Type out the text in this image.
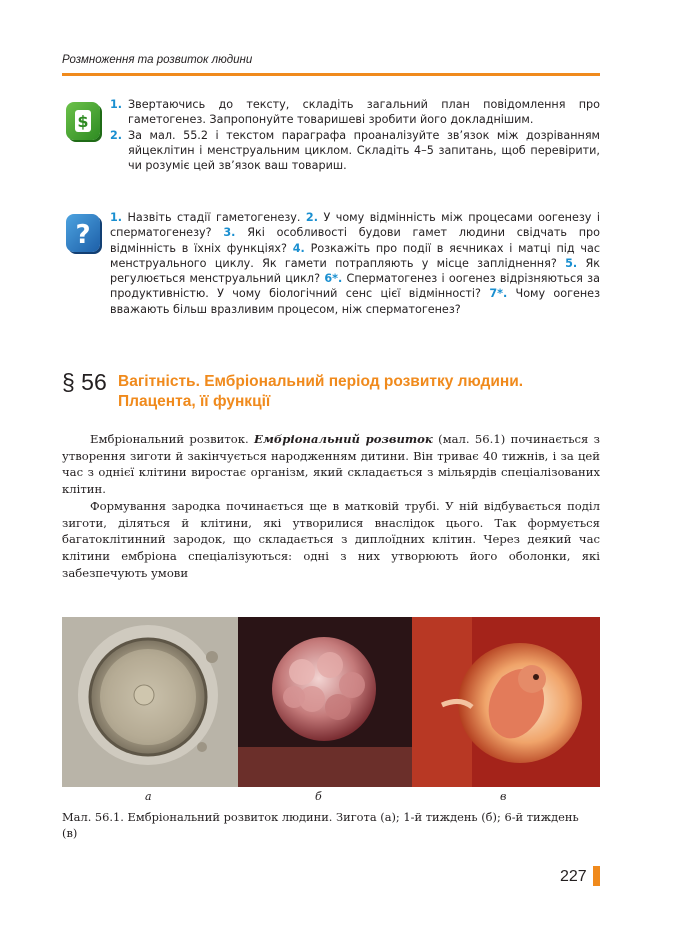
Розмноження та розвиток людини
$
1. Звертаючись до тексту, складіть загальний план повідомлення про гаметогенез. Запропонуйте товаришеві зробити його докладнішим.
2. За мал. 55.2 і текстом параграфа проаналізуйте зв’язок між дозріванням яйцеклітин і менструальним циклом. Складіть 4–5 запитань, щоб перевірити, чи розуміє цей зв’язок ваш товариш.
?
1. Назвіть стадії гаметогенезу. 2. У чому відмінність між процесами оогенезу і сперматогенезу? 3. Які особливості будови гамет людини свідчать про відмінність в їхніх функціях? 4. Розкажіть про події в яєчниках і матці під час менструального циклу. Як гамети потрапляють у місце запліднення? 5. Як регулюється менструальний цикл? 6*. Сперматогенез і оогенез відрізняються за продуктивністю. У чому біологічний сенс цієї відмінності? 7*. Чому оогенез вважають більш вразливим процесом, ніж сперматогенез?
§ 56 Вагітність. Ембріональний період розвитку людини. Плацента, її функції

Ембріональний розвиток. Ембріональний розвиток (мал. 56.1) починається з утворення зиготи й закінчується народженням дитини. Він триває 40 тижнів, і за цей час з однієї клітини виростає організм, який складається з мільярдів спеціалізованих клітин.

Формування зародка починається ще в матковій трубі. У ній відбувається поділ зиготи, діляться й клітини, які утворилися внаслідок цього. Так формується багатоклітинний зародок, що складається з диплоїдних клітин. Через деякий час клітини ембріона спеціалізуються: одні з них утворюють його оболонки, які забезпечують умови

а	б	в
Мал. 56.1. Ембріональний розвиток людини. Зигота (а); 1-й тиждень (б); 6-й тиждень (в)
227
